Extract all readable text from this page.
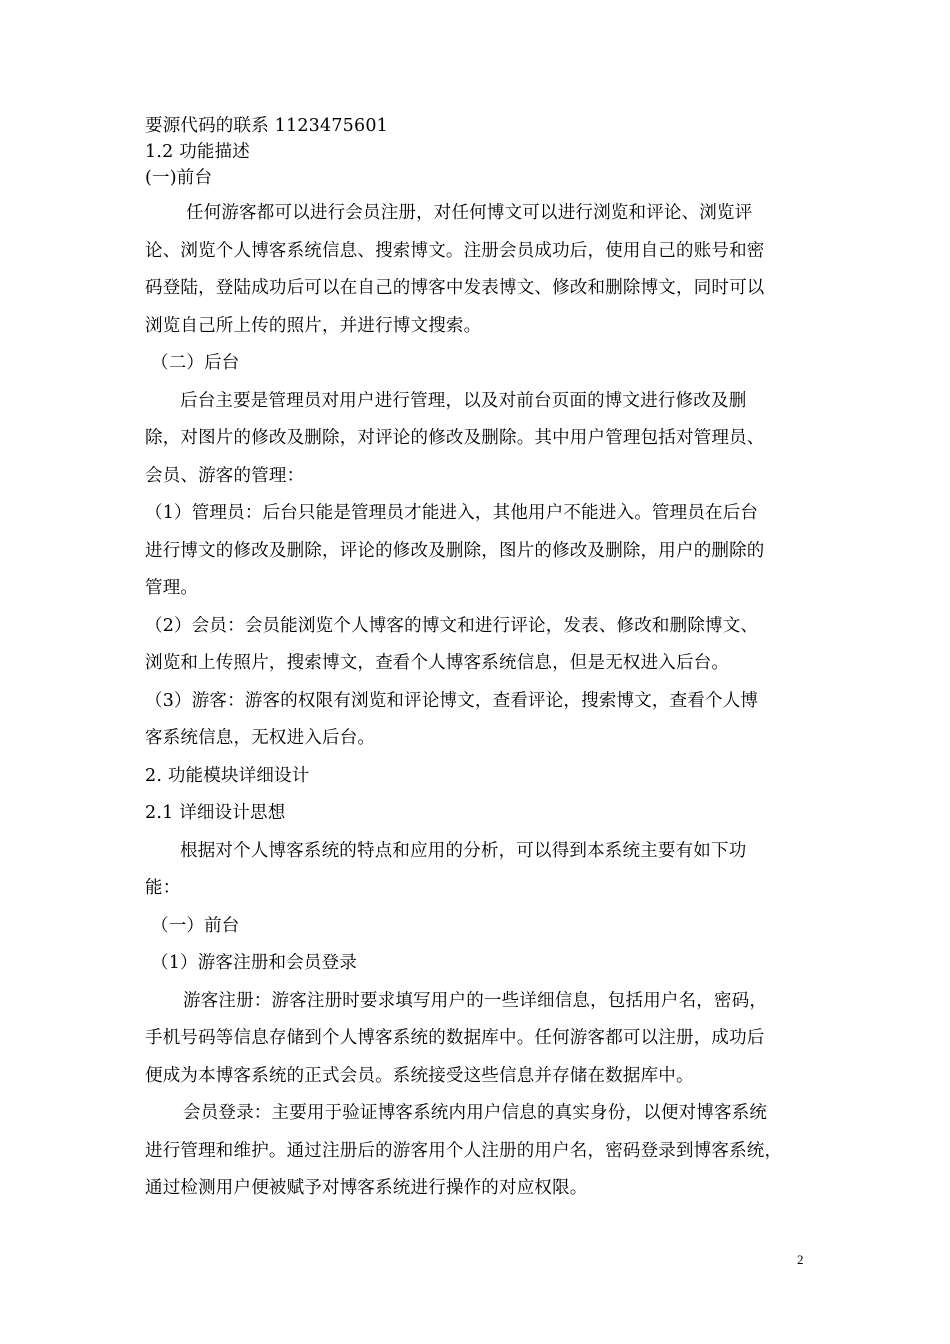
要源代码的联系 1123475601
1.2 功能描述
(一)前台
任何游客都可以进行会员注册，对任何博文可以进行浏览和评论、浏览评
论、浏览个人博客系统信息、搜索博文。注册会员成功后，使用自己的账号和密
码登陆，登陆成功后可以在自己的博客中发表博文、修改和删除博文，同时可以
浏览自己所上传的照片，并进行博文搜索。
（二）后台
后台主要是管理员对用户进行管理，以及对前台页面的博文进行修改及删
除，对图片的修改及删除，对评论的修改及删除。其中用户管理包括对管理员、
会员、游客的管理：
（1）管理员：后台只能是管理员才能进入，其他用户不能进入。管理员在后台
进行博文的修改及删除，评论的修改及删除，图片的修改及删除，用户的删除的
管理。
（2）会员：会员能浏览个人博客的博文和进行评论，发表、修改和删除博文、
浏览和上传照片，搜索博文，查看个人博客系统信息，但是无权进入后台。
（3）游客：游客的权限有浏览和评论博文，查看评论，搜索博文，查看个人博
客系统信息，无权进入后台。
2. 功能模块详细设计
2.1 详细设计思想
根据对个人博客系统的特点和应用的分析，可以得到本系统主要有如下功
能：
（一）前台
（1）游客注册和会员登录
游客注册：游客注册时要求填写用户的一些详细信息，包括用户名，密码，
手机号码等信息存储到个人博客系统的数据库中。任何游客都可以注册，成功后
便成为本博客系统的正式会员。系统接受这些信息并存储在数据库中。
会员登录：主要用于验证博客系统内用户信息的真实身份，以便对博客系统
进行管理和维护。通过注册后的游客用个人注册的用户名，密码登录到博客系统，
通过检测用户便被赋予对博客系统进行操作的对应权限。
2
